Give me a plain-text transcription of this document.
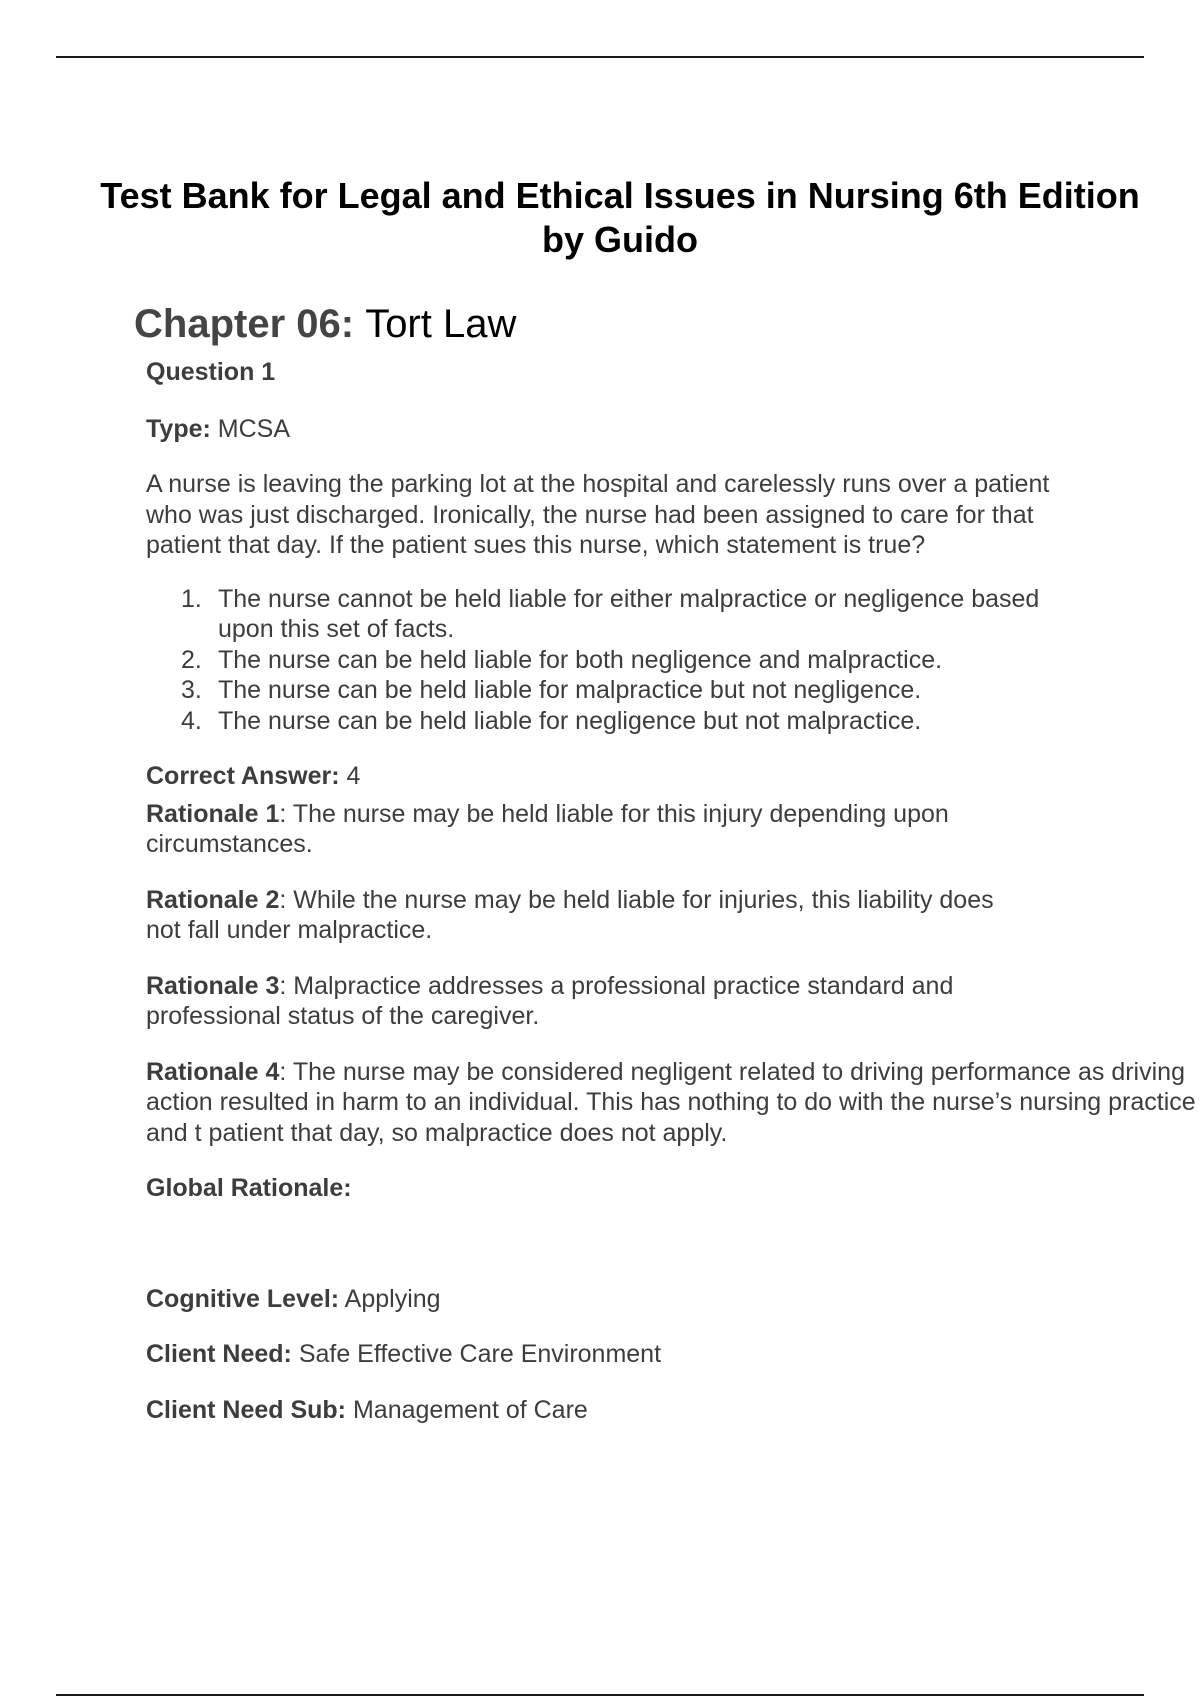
Test Bank for Legal and Ethical Issues in Nursing 6th Edition by Guido
Chapter 06: Tort Law

Question 1

Type: MCSA

A nurse is leaving the parking lot at the hospital and carelessly runs over a patient who was just discharged. Ironically, the nurse had been assigned to care for that patient that day. If the patient sues this nurse, which statement is true?

The nurse cannot be held liable for either malpractice or negligence based upon this set of facts.
The nurse can be held liable for both negligence and malpractice.
The nurse can be held liable for malpractice but not negligence.
The nurse can be held liable for negligence but not malpractice.

Correct Answer: 4

Rationale 1: The nurse may be held liable for this injury depending upon circumstances.

Rationale 2: While the nurse may be held liable for injuries, this liability does not fall under malpractice.

Rationale 3: Malpractice addresses a professional practice standard and professional status of the caregiver.

Rationale 4: The nurse may be considered negligent related to driving performance as driving action resulted in harm to an individual. This has nothing to do with the nurse’s nursing practice and t patient that day, so malpractice does not apply.

Global Rationale:

Cognitive Level: Applying

Client Need: Safe Effective Care Environment

Client Need Sub: Management of Care
